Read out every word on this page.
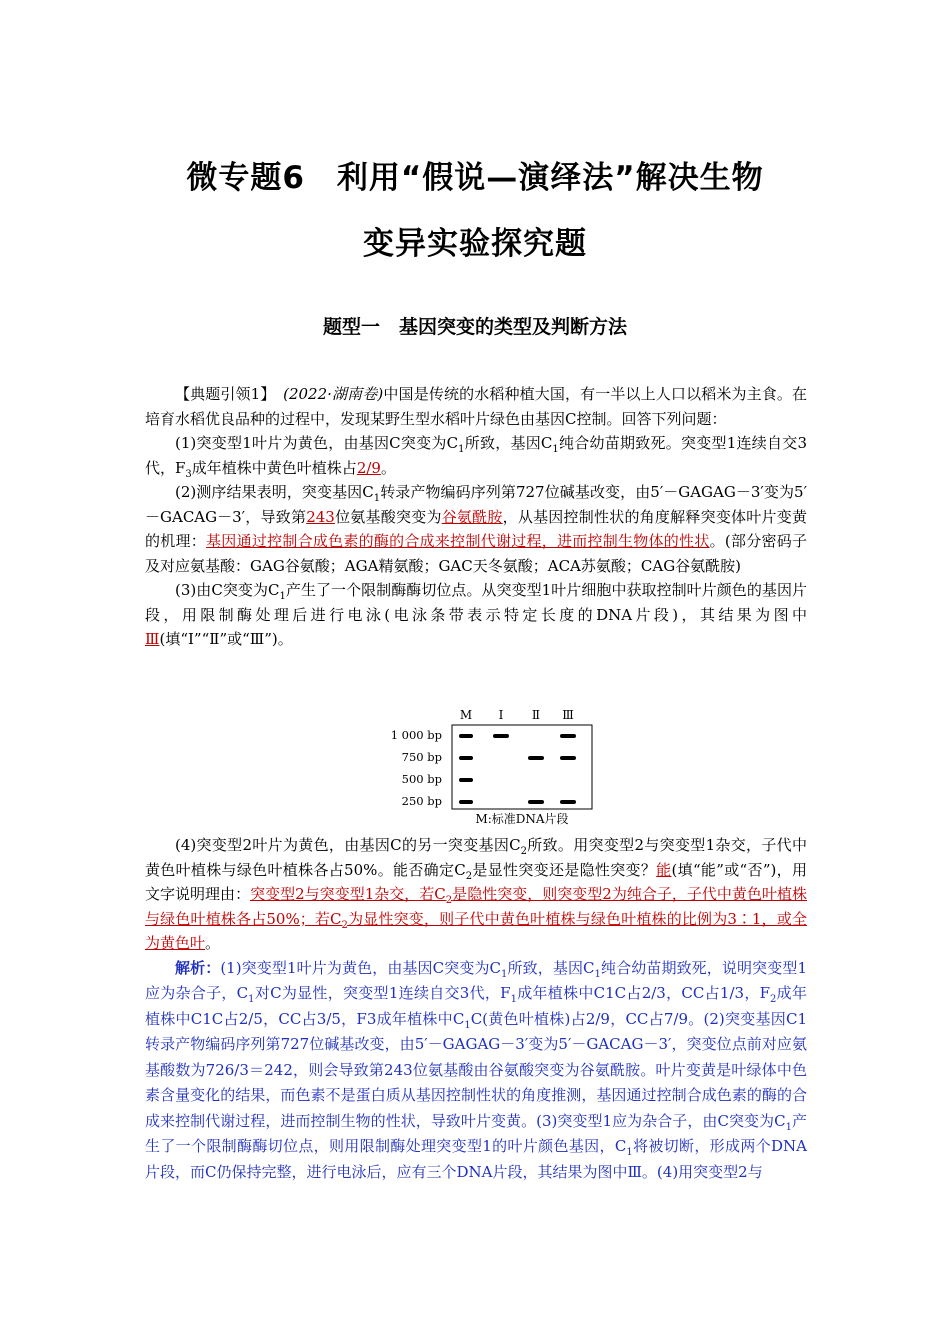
微专题6　利用“假说—演绎法”解决生物
变异实验探究题
题型一　基因突变的类型及判断方法

【典题引领1】　 (2022·湖南卷)中国是传统的水稻种植大国，有一半以上人口以稻米为主食。在培育水稻优良品种的过程中，发现某野生型水稻叶片绿色由基因C控制。回答下列问题：

(1)突变型1叶片为黄色，由基因C突变为$C_1$所致，基因$C_1$纯合幼苗期致死。突变型1连续自交3代，$F_3$成年植株中黄色叶植株占2/9。

(2)测序结果表明，突变基因$C_1$转录产物编码序列第727位碱基改变，由5′－GAGAG－3′变为5′－GACAG－3′，导致第243位氨基酸突变为谷氨酰胺，从基因控制性状的角度解释突变体叶片变黄的机理：基因通过控制合成色素的酶的合成来控制代谢过程，进而控制生物体的性状。(部分密码子及对应氨基酸：GAG谷氨酸；AGA精氨酸；GAC天冬氨酸；ACA苏氨酸；CAG谷氨酰胺)

(3)由C突变为$C_1$产生了一个限制酶酶切位点。从突变型1叶片细胞中获取控制叶片颜色的基因片段，用限制酶处理后进行电泳(电泳条带表示特定长度的DNA片段)，其结果为图中Ⅲ(填“Ⅰ”“Ⅱ”或“Ⅲ”)。

M Ⅰ Ⅱ Ⅲ
1 000 bp
750 bp
500 bp
250 bp
M:标准DNA片段

(4)突变型2叶片为黄色，由基因C的另一突变基因$C_2$所致。用突变型2与突变型1杂交，子代中黄色叶植株与绿色叶植株各占50%。能否确定$C_2$是显性突变还是隐性突变？能(填“能”或“否”)，用文字说明理由：突变型2与突变型1杂交，若$C_2$是隐性突变，则突变型2为纯合子，子代中黄色叶植株与绿色叶植株各占50%；若$C_2$为显性突变，则子代中黄色叶植株与绿色叶植株的比例为3∶1，或全为黄色叶。

解析：(1)突变型1叶片为黄色，由基因C突变为$C_1$所致，基因$C_1$纯合幼苗期致死，说明突变型1应为杂合子，$C_1$对C为显性，突变型1连续自交3代，$F_1$成年植株中C1C占2/3，CC占1/3，$F_2$成年植株中C1C占2/5，CC占3/5，F3成年植株中$C_1C$(黄色叶植株)占2/9，CC占7/9。(2)突变基因C1转录产物编码序列第727位碱基改变，由5′－GAGAG－3′变为5′－GACAG－3′，突变位点前对应氨基酸数为726/3＝242，则会导致第243位氨基酸由谷氨酸突变为谷氨酰胺。叶片变黄是叶绿体中色素含量变化的结果，而色素不是蛋白质从基因控制性状的角度推测，基因通过控制合成色素的酶的合成来控制代谢过程，进而控制生物的性状，导致叶片变黄。(3)突变型1应为杂合子，由C突变为$C_1$产生了一个限制酶酶切位点，则用限制酶处理突变型1的叶片颜色基因，$C_1$将被切断，形成两个DNA片段，而C仍保持完整，进行电泳后，应有三个DNA片段，其结果为图中Ⅲ。(4)用突变型2与
